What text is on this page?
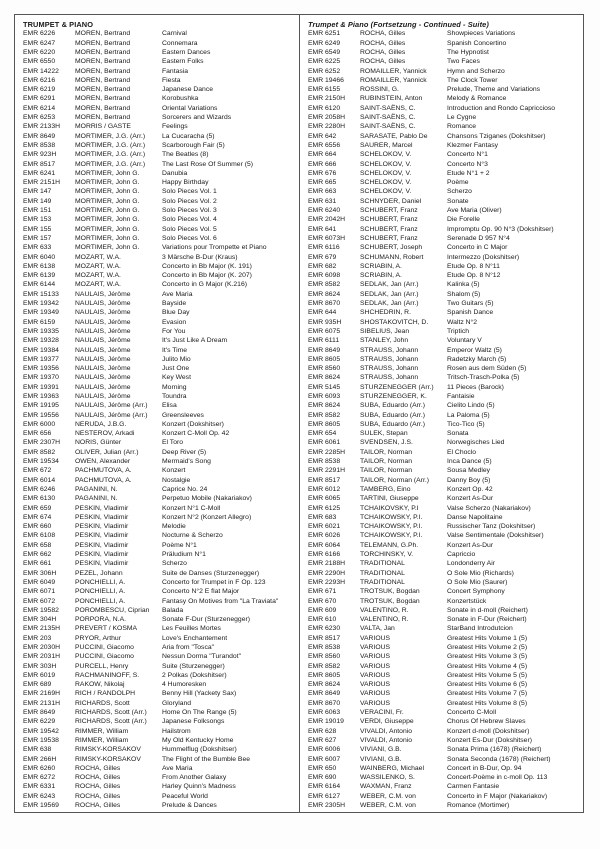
TRUMPET & PIANO
EMR 6226	MOREN, Bertrand	Carnival
EMR 6247	MOREN, Bertrand	Connemara
EMR 6220	MOREN, Bertrand	Eastern Dances
EMR 6550	MOREN, Bertrand	Eastern Folks
EMR 14222	MOREN, Bertrand	Fantasia
EMR 6216	MOREN, Bertrand	Fiesta
EMR 6219	MOREN, Bertrand	Japanese Dance
EMR 6291	MOREN, Bertrand	Korobushka
EMR 6214	MOREN, Bertrand	Oriental Variations
EMR 6253	MOREN, Bertrand	Sorcerers and Wizards
EMR 2133H	MORRIS / GASTE	Feelings
EMR 8649	MORTIMER, J.G. (Arr.)	La Cucaracha (5)
EMR 8538	MORTIMER, J.G. (Arr.)	Scarborough Fair (5)
EMR 923H	MORTIMER, J.G. (Arr.)	The Beatles (8)
EMR 8517	MORTIMER, J.G. (Arr.)	The Last Rose Of Summer (5)
EMR 6241	MORTIMER, John G.	Danubia
EMR 2151H	MORTIMER, John G.	Happy Birthday
EMR 147	MORTIMER, John G.	Solo Pieces Vol. 1
EMR 149	MORTIMER, John G.	Solo Pieces Vol. 2
EMR 151	MORTIMER, John G.	Solo Pieces Vol. 3
EMR 153	MORTIMER, John G.	Solo Pieces Vol. 4
EMR 155	MORTIMER, John G.	Solo Pieces Vol. 5
EMR 157	MORTIMER, John G.	Solo Pieces Vol. 6
EMR 633	MORTIMER, John G.	Variations pour Trompette et Piano
EMR 6040	MOZART, W.A.	3 Märsche B-Dur (Kraus)
EMR 6138	MOZART, W.A.	Concerto in Bb Major (K. 191)
EMR 6139	MOZART, W.A.	Concerto in Bb Major (K. 207)
EMR 6144	MOZART, W.A.	Concerto in G Major (K.216)
EMR 15133	NAULAIS, Jérôme	Ave Maria
EMR 19342	NAULAIS, Jérôme	Bayside
EMR 19349	NAULAIS, Jérôme	Blue Day
EMR 6159	NAULAIS, Jérôme	Evasion
EMR 19335	NAULAIS, Jérôme	For You
EMR 19328	NAULAIS, Jérôme	It's Just Like A Dream
EMR 19384	NAULAIS, Jérôme	It's Time
EMR 19377	NAULAIS, Jérôme	Julito Mio
EMR 19356	NAULAIS, Jérôme	Just One
EMR 19370	NAULAIS, Jérôme	Key West
EMR 19391	NAULAIS, Jérôme	Morning
EMR 19363	NAULAIS, Jérôme	Toundra
EMR 19195	NAULAIS, Jérôme (Arr.)	Elisa
EMR 19556	NAULAIS, Jérôme (Arr.)	Greensleeves
EMR 6000	NERUDA, J.B.G.	Konzert (Dokshitser)
EMR 656	NESTEROV, Arkadi	Konzert C-Moll Op. 42
EMR 2307H	NORIS, Günter	El Toro
EMR 8582	OLIVER, Julian (Arr.)	Deep River (5)
EMR 19534	OWEN, Alexander	Mermaid's Song
EMR 672	PACHMUTOVA, A.	Konzert
EMR 6014	PACHMUTOVA, A.	Nostalgie
EMR 6246	PAGANINI, N.	Caprice No. 24
EMR 6130	PAGANINI, N.	Perpetuo Mobile (Nakariakov)
EMR 659	PESKIN, Vladimir	Konzert N°1 C-Moll
EMR 674	PESKIN, Vladimir	Konzert N°2 (Konzert Allegro)
EMR 660	PESKIN, Vladimir	Melodie
EMR 6108	PESKIN, Vladimir	Nocturne & Scherzo
EMR 658	PESKIN, Vladimir	Poème N°1
EMR 662	PESKIN, Vladimir	Präludium N°1
EMR 661	PESKIN, Vladimir	Scherzo
EMR 306H	PEZEL, Johann	Suite de Danses (Sturzenegger)
EMR 6049	PONCHIELLI, A.	Concerto for Trumpet in F Op. 123
EMR 6071	PONCHIELLI, A.	Concerto N°2 E flat Major
EMR 6072	PONCHIELLI, A.	Fantasy On Motives from "La Traviata"
EMR 19582	POROMBESCU, Ciprian	Balada
EMR 304H	PORPORA, N.A.	Sonate F-Dur (Sturzenegger)
EMR 2135H	PREVERT / KOSMA	Les Feuilles Mortes
EMR 203	PRYOR, Arthur	Love's Enchantement
EMR 2030H	PUCCINI, Giacomo	Aria from "Tosca"
EMR 2031H	PUCCINI, Giacomo	Nessun Dorma "Turandot"
EMR 303H	PURCELL, Henry	Suite (Sturzenegger)
EMR 6019	RACHMANINOFF, S.	2 Polkas (Dokshitser)
EMR 689	RAKOW, Nikolaj	4 Humoresken
EMR 2169H	RICH / RANDOLPH	Benny Hill (Yackety Sax)
EMR 2131H	RICHARDS, Scott	Gloryland
EMR 8649	RICHARDS, Scott (Arr.)	Home On The Range (5)
EMR 6229	RICHARDS, Scott (Arr.)	Japanese Folksongs
EMR 19542	RIMMER, William	Hailstrom
EMR 19538	RIMMER, William	My Old Kentucky Home
EMR 638	RIMSKY-KORSAKOV	Hummelflug (Dokshitser)
EMR 266H	RIMSKY-KORSAKOV	The Flight of the Bumble Bee
EMR 6260	ROCHA, Gilles	Ave Maria
EMR 6272	ROCHA, Gilles	From Another Galaxy
EMR 6331	ROCHA, Gilles	Harley Quinn's Madness
EMR 6243	ROCHA, Gilles	Peaceful World
EMR 19569	ROCHA, Gilles	Prelude & Dances
Trumpet & Piano (Fortsetzung - Continued - Suite)
EMR 6251	ROCHA, Gilles	Showpieces Variations
EMR 6249	ROCHA, Gilles	Spanish Concertino
EMR 6549	ROCHA, Gilles	The Hypnotist
EMR 6225	ROCHA, Gilles	Two Faces
EMR 6252	ROMAILLER, Yannick	Hymn and Scherzo
EMR 19466	ROMAILLER, Yannick	The Clock Tower
EMR 6155	ROSSINI, G.	Prelude, Theme and Variations
EMR 2150H	RUBINSTEIN, Anton	Melody & Romance
EMR 6120	SAINT-SAËNS, C.	Introduction and Rondo Capriccioso
EMR 2058H	SAINT-SAËNS, C.	Le Cygne
EMR 2280H	SAINT-SAËNS, C.	Romance
EMR 642	SARASATE, Pablo De	Chansons Tziganes (Dokshitser)
EMR 6556	SAURER, Marcel	Klezmer Fantasy
EMR 664	SCHELOKOV, V.	Concerto N°1
EMR 666	SCHELOKOV, V.	Concerto N°3
EMR 676	SCHELOKOV, V.	Etude N°1 + 2
EMR 665	SCHELOKOV, V.	Poème
EMR 663	SCHELOKOV, V.	Scherzo
EMR 631	SCHNYDER, Daniel	Sonate
EMR 6240	SCHUBERT, Franz	Ave Maria (Oliver)
EMR 2042H	SCHUBERT, Franz	Die Forelle
EMR 641	SCHUBERT, Franz	Impromptu Op. 90 N°3 (Dokshitser)
EMR 6073H	SCHUBERT, Franz	Serenade D 957 N°4
EMR 6116	SCHUBERT, Joseph	Concerto in C Major
EMR 679	SCHUMANN, Robert	Intermezzo (Dokshitser)
EMR 682	SCRIABIN, A.	Etude Op. 8 N°11
EMR 6098	SCRIABIN, A.	Etude Op. 8 N°12
EMR 8582	SEDLAK, Jan (Arr.)	Kalinka (5)
EMR 8624	SEDLAK, Jan (Arr.)	Shalom (5)
EMR 8670	SEDLAK, Jan (Arr.)	Two Guitars (5)
EMR 644	SHCHEDRIN, R.	Spanish Dance
EMR 935H	SHOSTAKOVITCH, D.	Waltz N°2
EMR 6075	SIBELIUS, Jean	Triptich
EMR 6111	STANLEY, John	Voluntary V
EMR 8649	STRAUSS, Johann	Emperor Waltz (5)
EMR 8605	STRAUSS, Johann	Radetzky March (5)
EMR 8560	STRAUSS, Johann	Rosen aus dem Süden (5)
EMR 8624	STRAUSS, Johann	Tritsch-Trasch-Polka (5)
EMR 5145	STURZENEGGER (Arr.)	11 Pieces (Barock)
EMR 6093	STURZENEGGER, K.	Fantaisie
EMR 8624	SUBA, Eduardo (Arr.)	Cielito Lindo (5)
EMR 8582	SUBA, Eduardo (Arr.)	La Paloma (5)
EMR 8605	SUBA, Eduardo (Arr.)	Tico-Tico (5)
EMR 654	SULEK, Stepan	Sonata
EMR 6061	SVENDSEN, J.S.	Norwegisches Lied
EMR 2285H	TAILOR, Norman	El Choclo
EMR 8538	TAILOR, Norman	Inca Dance (5)
EMR 2291H	TAILOR, Norman	Sousa Medley
EMR 8517	TAILOR, Norman (Arr.)	Danny Boy (5)
EMR 6012	TAMBERG, Eino	Konzert Op. 42
EMR 6065	TARTINI, Giuseppe	Konzert As-Dur
EMR 6125	TCHAIKOVSKY, P.I	Valse Scherzo (Nakariakov)
EMR 683	TCHAIKOWSKY, P.I.	Danse Napolitaine
EMR 6021	TCHAIKOWSKY, P.I.	Russischer Tanz (Dokshitser)
EMR 6026	TCHAIKOWSKY, P.I.	Valse Sentimentale (Dokshitser)
EMR 6064	TELEMANN, G.Ph.	Konzert As-Dur
EMR 6166	TORCHINSKY, V.	Capriccio
EMR 2188H	TRADITIONAL	Londonderry Air
EMR 2290H	TRADITIONAL	O Sole Mio (Richards)
EMR 2293H	TRADITIONAL	O Sole Mio (Saurer)
EMR 671	TROTSUK, Bogdan	Concert Symphony
EMR 670	TROTSUK, Bogdan	Konzertstück
EMR 609	VALENTINO, R.	Sonate in d-moll (Reichert)
EMR 610	VALENTINO, R.	Sonate in F-Dur (Reichert)
EMR 6230	VALTA, Jan	StarBand Introdutcion
EMR 8517	VARIOUS	Greatest Hits Volume 1 (5)
EMR 8538	VARIOUS	Greatest Hits Volume 2 (5)
EMR 8560	VARIOUS	Greatest Hits Volume 3 (5)
EMR 8582	VARIOUS	Greatest Hits Volume 4 (5)
EMR 8605	VARIOUS	Greatest Hits Volume 5 (5)
EMR 8624	VARIOUS	Greatest Hits Volume 6 (5)
EMR 8649	VARIOUS	Greatest Hits Volume 7 (5)
EMR 8670	VARIOUS	Greatest Hits Volume 8 (5)
EMR 6063	VERACINI, Fr.	Concerto C-Moll
EMR 19019	VERDI, Giuseppe	Chorus Of Hebrew Slaves
EMR 628	VIVALDI, Antonio	Konzert d-moll (Dokshitser)
EMR 627	VIVALDI, Antonio	Konzert Es-Dur (Dokshitser)
EMR 6006	VIVIANI, G.B.	Sonata Prima (1678) (Reichert)
EMR 6007	VIVIANI, G.B.	Sonata Seconda (1678) (Reichert)
EMR 650	WAINBERG, Michael	Concert in B-Dur, Op. 94
EMR 690	WASSILENKO, S.	Concert-Poème in c-moll Op. 113
EMR 6164	WAXMAN, Franz	Carmen Fantasie
EMR 6127	WEBER, C.M. von	Concerto in F Major (Nakariakov)
EMR 2305H	WEBER, C.M. von	Romance (Mortimer)
